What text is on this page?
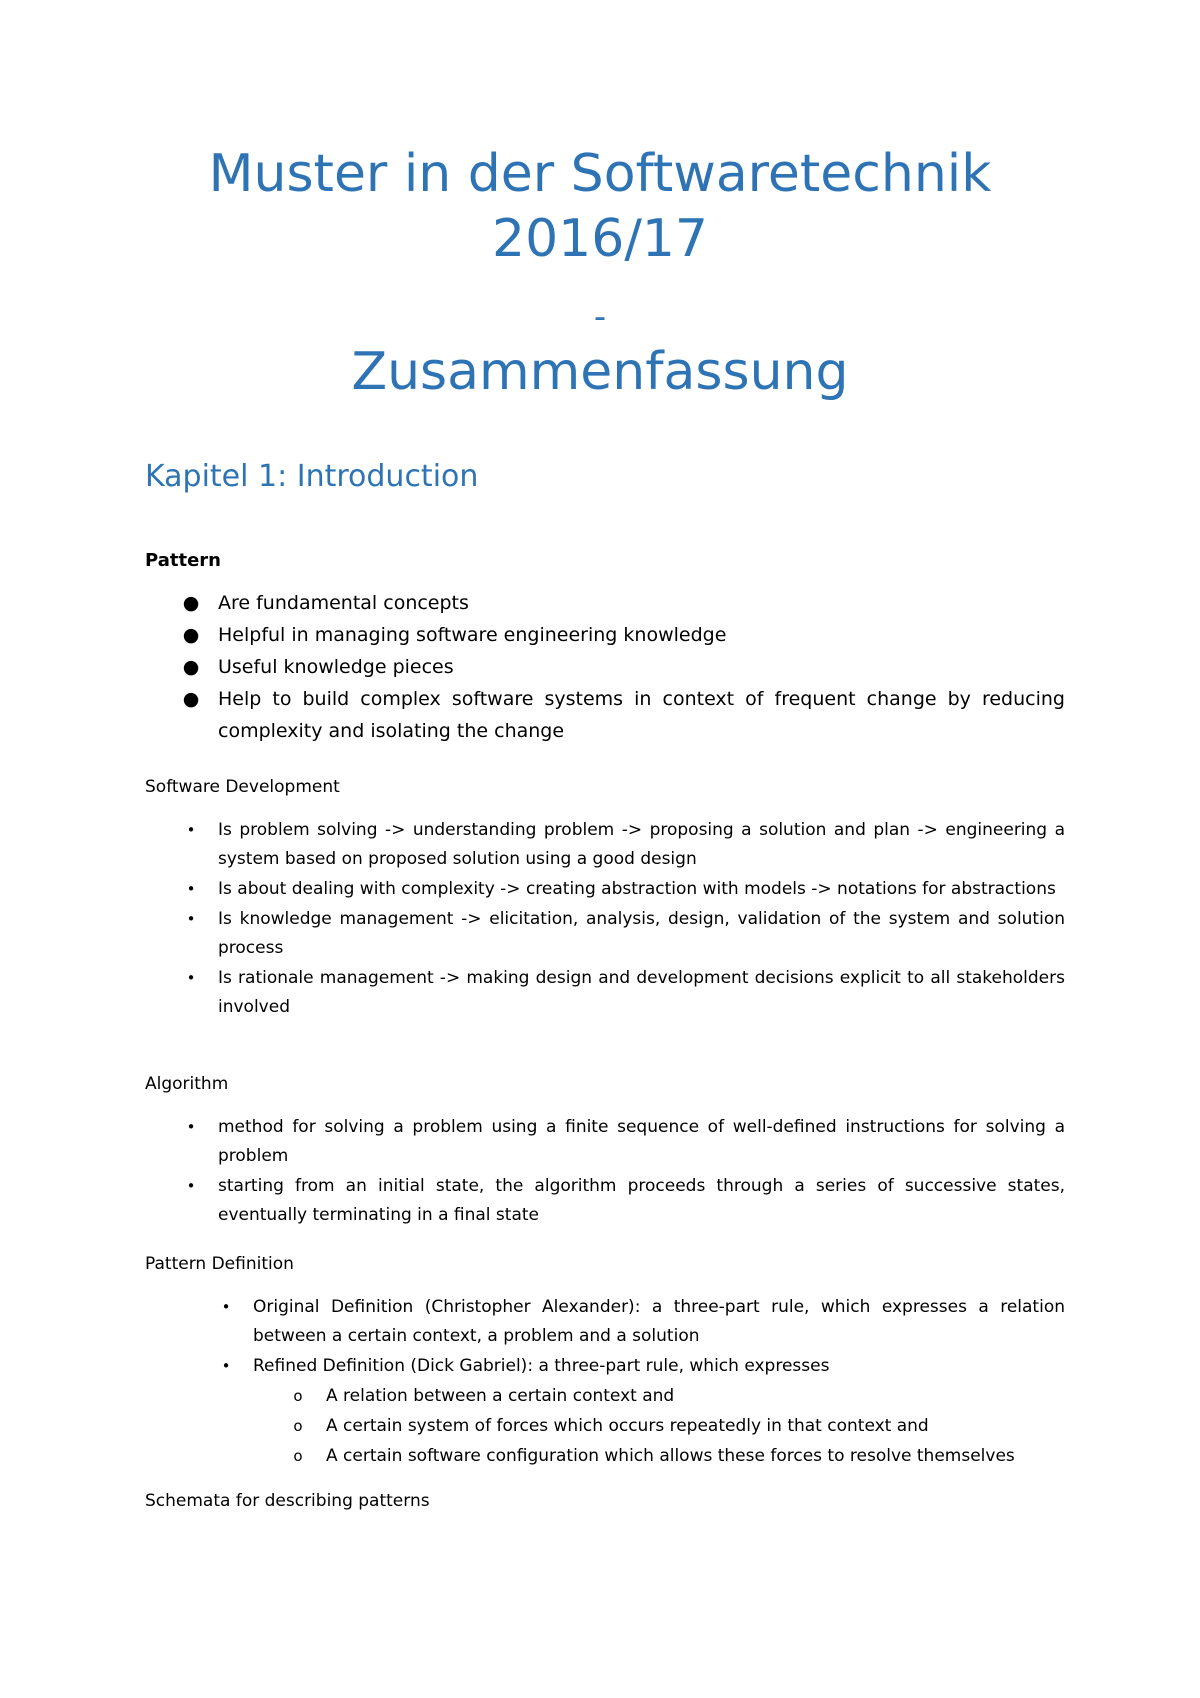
Muster in der Softwaretechnik
2016/17
-
Zusammenfassung
Kapitel 1: Introduction

Pattern

● Are fundamental concepts
● Helpful in managing software engineering knowledge
● Useful knowledge pieces
● Help to build complex software systems in context of frequent change by reducing complexity and isolating the change

Software Development

•	Is problem solving -> understanding problem -> proposing a solution and plan -> engineering a system based on proposed solution using a good design
•	Is about dealing with complexity -> creating abstraction with models -> notations for abstractions
•	Is knowledge management -> elicitation, analysis, design, validation of the system and solution process
•	Is rationale management -> making design and development decisions explicit to all stakeholders involved

Algorithm

•	method for solving a problem using a finite sequence of well-defined instructions for solving a problem
•	starting from an initial state, the algorithm proceeds through a series of successive states, eventually terminating in a final state

Pattern Definition

•	Original Definition (Christopher Alexander): a three-part rule, which expresses a relation between a certain context, a problem and a solution
•	Refined Definition (Dick Gabriel): a three-part rule, which expresses
o	A relation between a certain context and
o	A certain system of forces which occurs repeatedly in that context and
o	A certain software configuration which allows these forces to resolve themselves

Schemata for describing patterns
